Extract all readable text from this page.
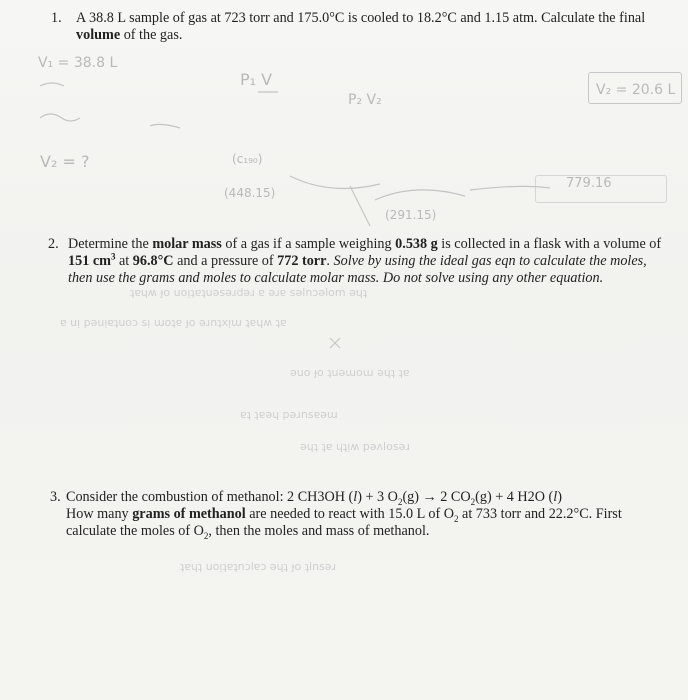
V₁ = 38.8 L
P₁ V
P₂ V₂
V₂ = 20.6 L
V₂ = ?	(c₁₉₀)
(448.15)
(291.15)
779.16
ʇɐɥʍ ɟo uoᴉʇɐʇuǝsǝɹdǝɹ ɐ ǝɹɐ sǝlnɔǝlom ǝɥʇ
ɐ uᴉ pǝuᴉɐʇuoɔ sᴉ ɯoʇɐ ɟo ǝɹnʇxᴉɯ ʇɐɥʍ ʇɐ
ǝuo ɟo ʇuǝɯoɯ ǝɥʇ ʇɐ
ɐʇ ʇɐǝɥ pǝɹnsɐǝɯ
ǝɥʇ ʇɐ ɥʇᴉʍ pǝʌlosǝɹ
ʇɐɥʇ uoᴉʇɐʇnɔlɐɔ ǝɥʇ ɟo ʇlnsǝɹ
1. A 38.8 L sample of gas at 723 torr and 175.0°C is cooled to 18.2°C and 1.15 atm. Calculate the final
volume of the gas.
2. Determine the molar mass of a gas if a sample weighing 0.538 g is collected in a flask with a volume of
151 $cm^3$ at 96.8°C and a pressure of 772 torr. Solve by using the ideal gas eqn to calculate the moles,
then use the grams and moles to calculate molar mass. Do not solve using any other equation.
3. Consider the combustion of methanol: 2 CH3OH (l) + 3 $O_2(g) \to 2$ $CO_2(g) + 4$ H2O (l)
How many grams of methanol are needed to react with 15.0 L of $O_2$ at 733 torr and 22.2°C. First
calculate the moles of $O_2$, then the moles and mass of methanol.
